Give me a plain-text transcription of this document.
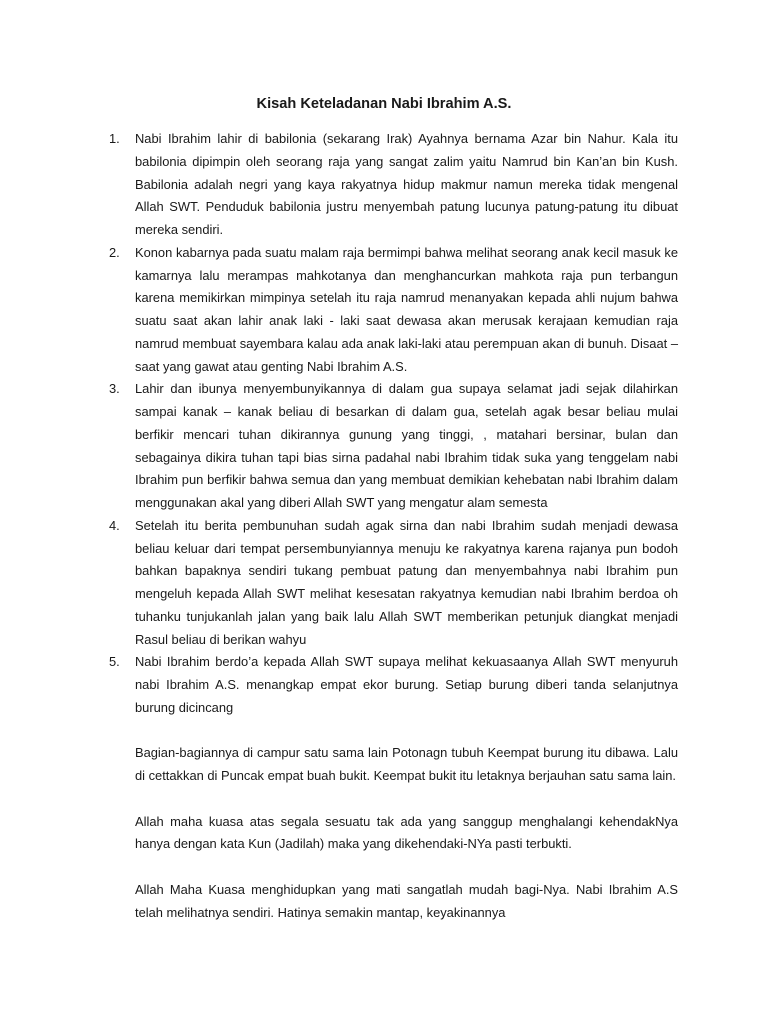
Kisah Keteladanan Nabi Ibrahim A.S.
1. Nabi Ibrahim lahir di babilonia (sekarang Irak) Ayahnya bernama Azar bin Nahur. Kala itu babilonia dipimpin oleh seorang raja yang sangat zalim yaitu Namrud bin Kan’an bin Kush. Babilonia adalah negri yang kaya rakyatnya hidup makmur namun mereka tidak mengenal Allah SWT. Penduduk babilonia justru menyembah patung lucunya patung-patung itu dibuat mereka sendiri.

2. Konon kabarnya pada suatu malam raja bermimpi bahwa melihat seorang anak kecil masuk ke kamarnya lalu merampas mahkotanya dan menghancurkan mahkota raja pun terbangun karena memikirkan mimpinya setelah itu raja namrud menanyakan kepada ahli nujum bahwa suatu saat akan lahir anak laki - laki saat dewasa akan merusak kerajaan kemudian raja namrud membuat sayembara kalau ada anak laki-laki atau perempuan akan di bunuh. Disaat – saat yang gawat atau genting Nabi Ibrahim A.S.

3. Lahir dan ibunya menyembunyikannya di dalam gua supaya selamat jadi sejak dilahirkan sampai kanak – kanak beliau di besarkan di dalam gua, setelah agak besar beliau mulai berfikir mencari tuhan dikirannya gunung yang tinggi, , matahari bersinar, bulan dan sebagainya dikira tuhan tapi bias sirna padahal nabi Ibrahim tidak suka yang tenggelam nabi Ibrahim pun berfikir bahwa semua dan yang membuat demikian kehebatan nabi Ibrahim dalam menggunakan akal yang diberi Allah SWT yang mengatur alam semesta

4. Setelah itu berita pembunuhan sudah agak sirna dan nabi Ibrahim sudah menjadi dewasa beliau keluar dari tempat persembunyiannya menuju ke rakyatnya karena rajanya pun bodoh bahkan bapaknya sendiri tukang pembuat patung dan menyembahnya nabi Ibrahim pun mengeluh kepada Allah SWT melihat kesesatan rakyatnya kemudian nabi Ibrahim berdoa oh tuhanku tunjukanlah jalan yang baik lalu Allah SWT memberikan petunjuk diangkat menjadi Rasul beliau di berikan wahyu

5. Nabi Ibrahim berdo’a kepada Allah SWT supaya melihat kekuasaanya Allah SWT menyuruh nabi Ibrahim A.S. menangkap empat ekor burung. Setiap burung diberi tanda selanjutnya burung dicincang

Bagian-bagiannya di campur satu sama lain Potonagn tubuh Keempat burung itu dibawa. Lalu di cettakkan di Puncak empat buah bukit. Keempat bukit itu letaknya berjauhan satu sama lain.

Allah maha kuasa atas segala sesuatu tak ada yang sanggup menghalangi kehendakNya hanya dengan kata Kun (Jadilah) maka yang dikehendaki-NYa pasti terbukti.

Allah Maha Kuasa menghidupkan yang mati sangatlah mudah bagi-Nya. Nabi Ibrahim A.S telah melihatnya sendiri. Hatinya semakin mantap, keyakinannya
